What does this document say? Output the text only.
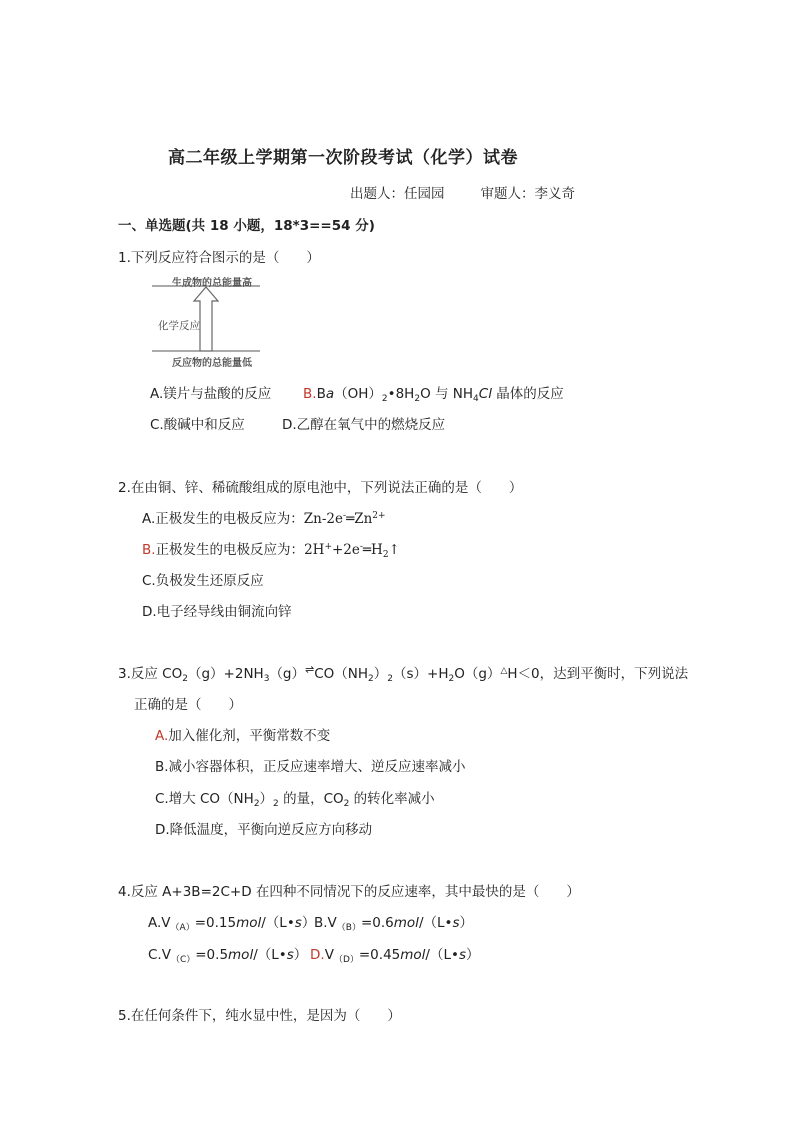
高二年级上学期第一次阶段考试（化学）试卷
出题人：任园园	审题人：李义奇
一、单选题(共 18 小题，18*3==54 分)
1.下列反应符合图示的是（　　）
生成物的总能量高
化学反应
反应物的总能量低
A.镁片与盐酸的反应 $B.Ba(OH)_2•8H_2O$ 与 $NH_4Cl$ 晶体的反应
C.酸碱中和反应	D.乙醇在氧气中的燃烧反应
2.在由铜、锌、稀硫酸组成的原电池中，下列说法正确的是（　　）
A.正极发生的电极反应为：$Zn-2e^-═Zn^{2+}$
B.正极发生的电极反应为：$2H^++2e^-═H_2↑$
C.负极发生还原反应
D.电子经导线由铜流向锌
3.反应 $CO_2(g)+2NH_3(g)^\rightleftharpoons CO(NH_2)_2(s)+H_2O(g)^\triangle H<0$，达到平衡时，下列说法
正确的是（　　）
A.加入催化剂，平衡常数不变
B.减小容器体积，正反应速率增大、逆反应速率减小
C.增大 $CO(NH_2)_2$ 的量，$CO_2$ 的转化率减小
D.降低温度，平衡向逆反应方向移动
4.反应 A+3B=2C+D 在四种不同情况下的反应速率，其中最快的是（　　）
$A.V_{(A)}=0.15mol/(L•s)$
$B.V_{(B)}=0.6mol/(L•s)$
$C.V_{(C)}=0.5mol/(L•s)$ $D.V_{(D)}=0.45mol/(L•s)$
5.在任何条件下，纯水显中性，是因为（　　）
